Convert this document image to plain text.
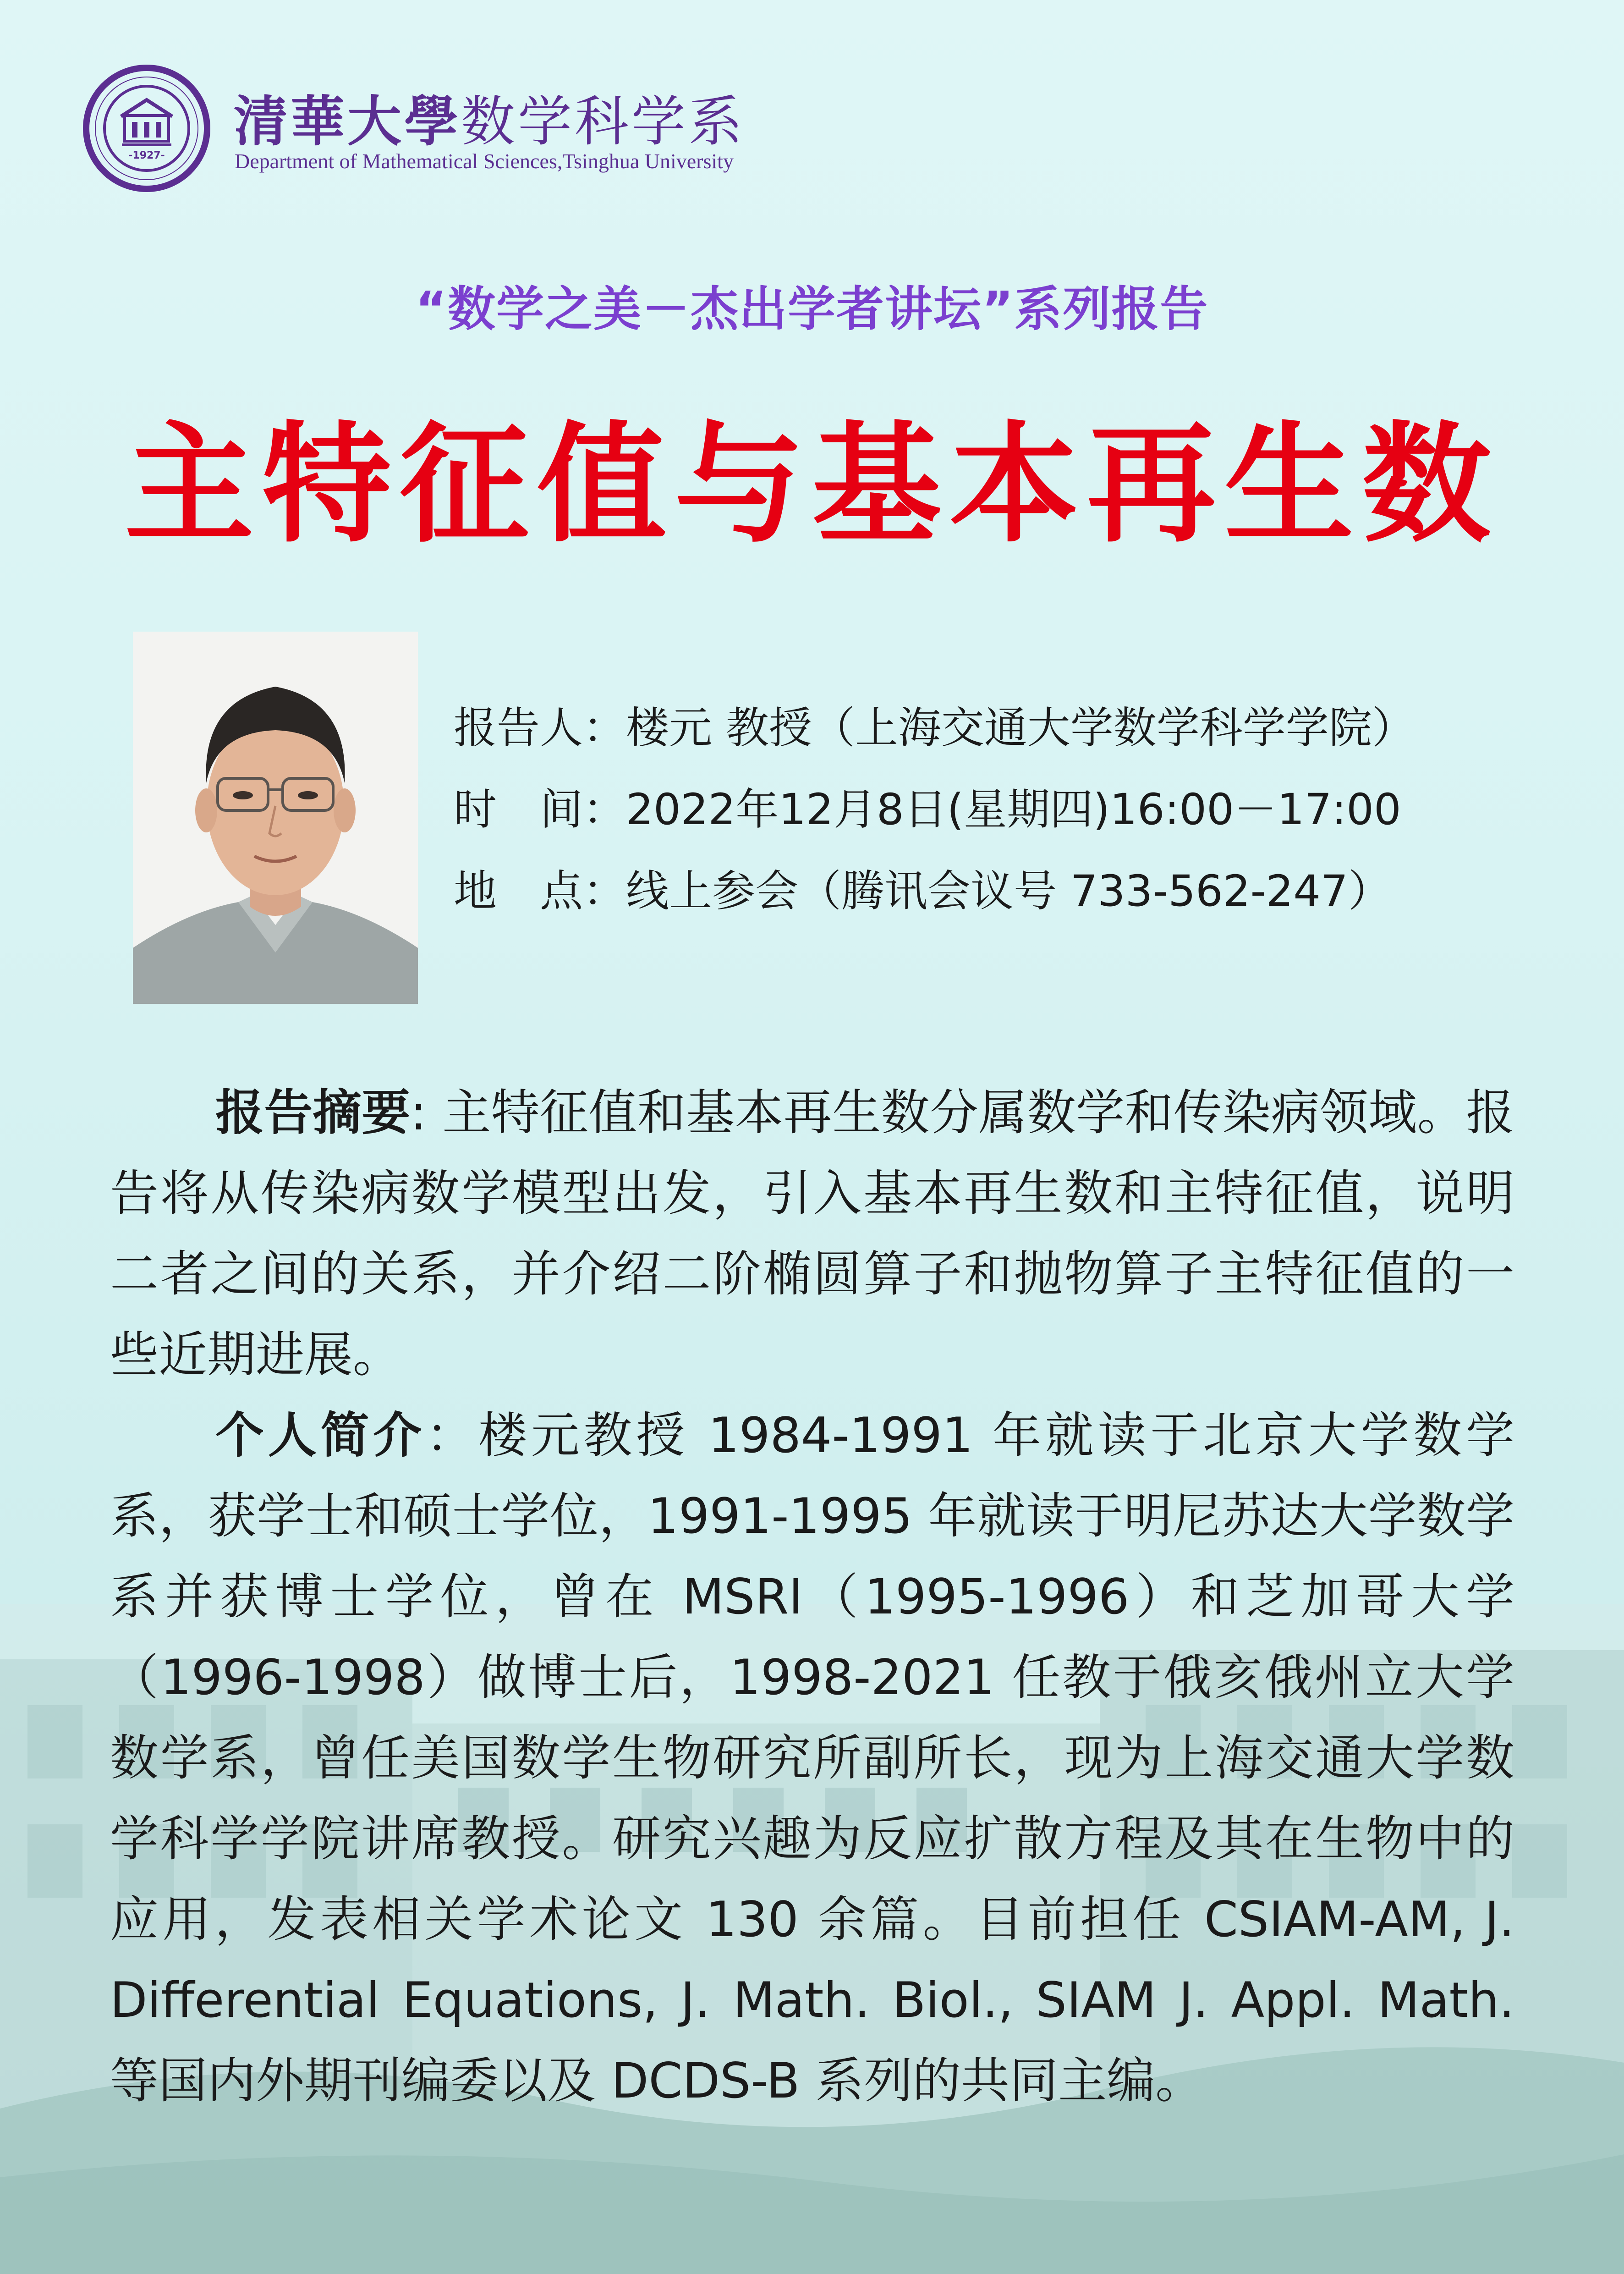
-1927-
清華大學数学科学系
Department of Mathematical Sciences,Tsinghua University
“数学之美－杰出学者讲坛”系列报告
主特征值与基本再生数
报告人：楼元 教授（上海交通大学数学科学学院）
时　间：2022年12月8日(星期四)16:00－17:00
地　点：线上参会（腾讯会议号 733-562-247）

报告摘要: 主特征值和基本再生数分属数学和传染病领域。报告将从传染病数学模型出发，引入基本再生数和主特征值，说明二者之间的关系，并介绍二阶椭圆算子和抛物算子主特征值的一些近期进展。

个人简介：楼元教授 1984-1991 年就读于北京大学数学系，获学士和硕士学位，1991-1995 年就读于明尼苏达大学数学系并获博士学位，曾在 MSRI（1995-1996）和芝加哥大学（1996-1998）做博士后，1998-2021 任教于俄亥俄州立大学数学系，曾任美国数学生物研究所副所长，现为上海交通大学数学科学学院讲席教授。研究兴趣为反应扩散方程及其在生物中的应用，发表相关学术论文 130 余篇。目前担任 CSIAM-AM, J. Differential Equations, J. Math. Biol., SIAM J. Appl. Math. 等国内外期刊编委以及 DCDS-B 系列的共同主编。
